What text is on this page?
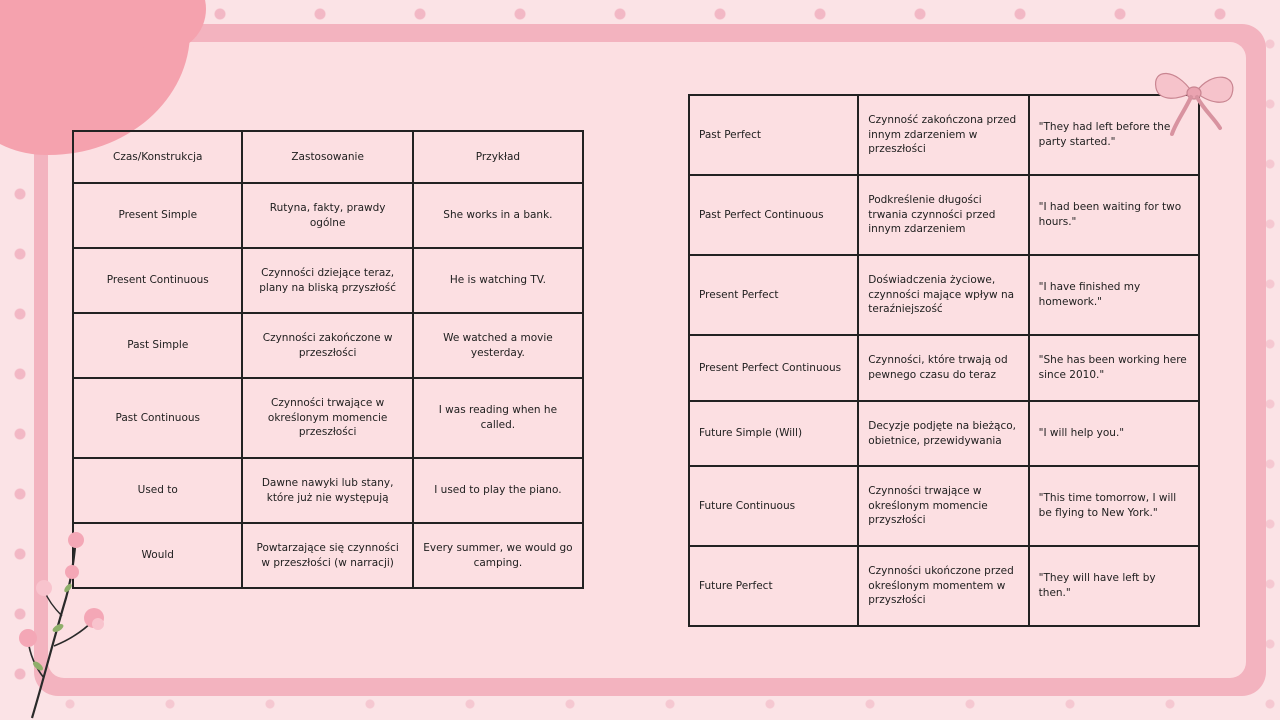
Czas/Konstrukcja	Zastosowanie	Przykład
Present Simple	Rutyna, fakty, prawdy ogólne	She works in a bank.
Present Continuous	Czynności dziejące teraz, plany na bliską przyszłość	He is watching TV.
Past Simple	Czynności zakończone w przeszłości	We watched a movie yesterday.
Past Continuous	Czynności trwające w określonym momencie przeszłości	I was reading when he called.
Used to	Dawne nawyki lub stany, które już nie występują	I used to play the piano.
Would	Powtarzające się czynności w przeszłości (w narracji)	Every summer, we would go camping.
Past Perfect	Czynność zakończona przed innym zdarzeniem w przeszłości	"They had left before the party started."
Past Perfect Continuous	Podkreślenie długości trwania czynności przed innym zdarzeniem	"I had been waiting for two hours."
Present Perfect	Doświadczenia życiowe, czynności mające wpływ na teraźniejszość	"I have finished my homework."
Present Perfect Continuous	Czynności, które trwają od pewnego czasu do teraz	"She has been working here since 2010."
Future Simple (Will)	Decyzje podjęte na bieżąco, obietnice, przewidywania	"I will help you."
Future Continuous	Czynności trwające w określonym momencie przyszłości	"This time tomorrow, I will be flying to New York."
Future Perfect	Czynności ukończone przed określonym momentem w przyszłości	"They will have left by then."
